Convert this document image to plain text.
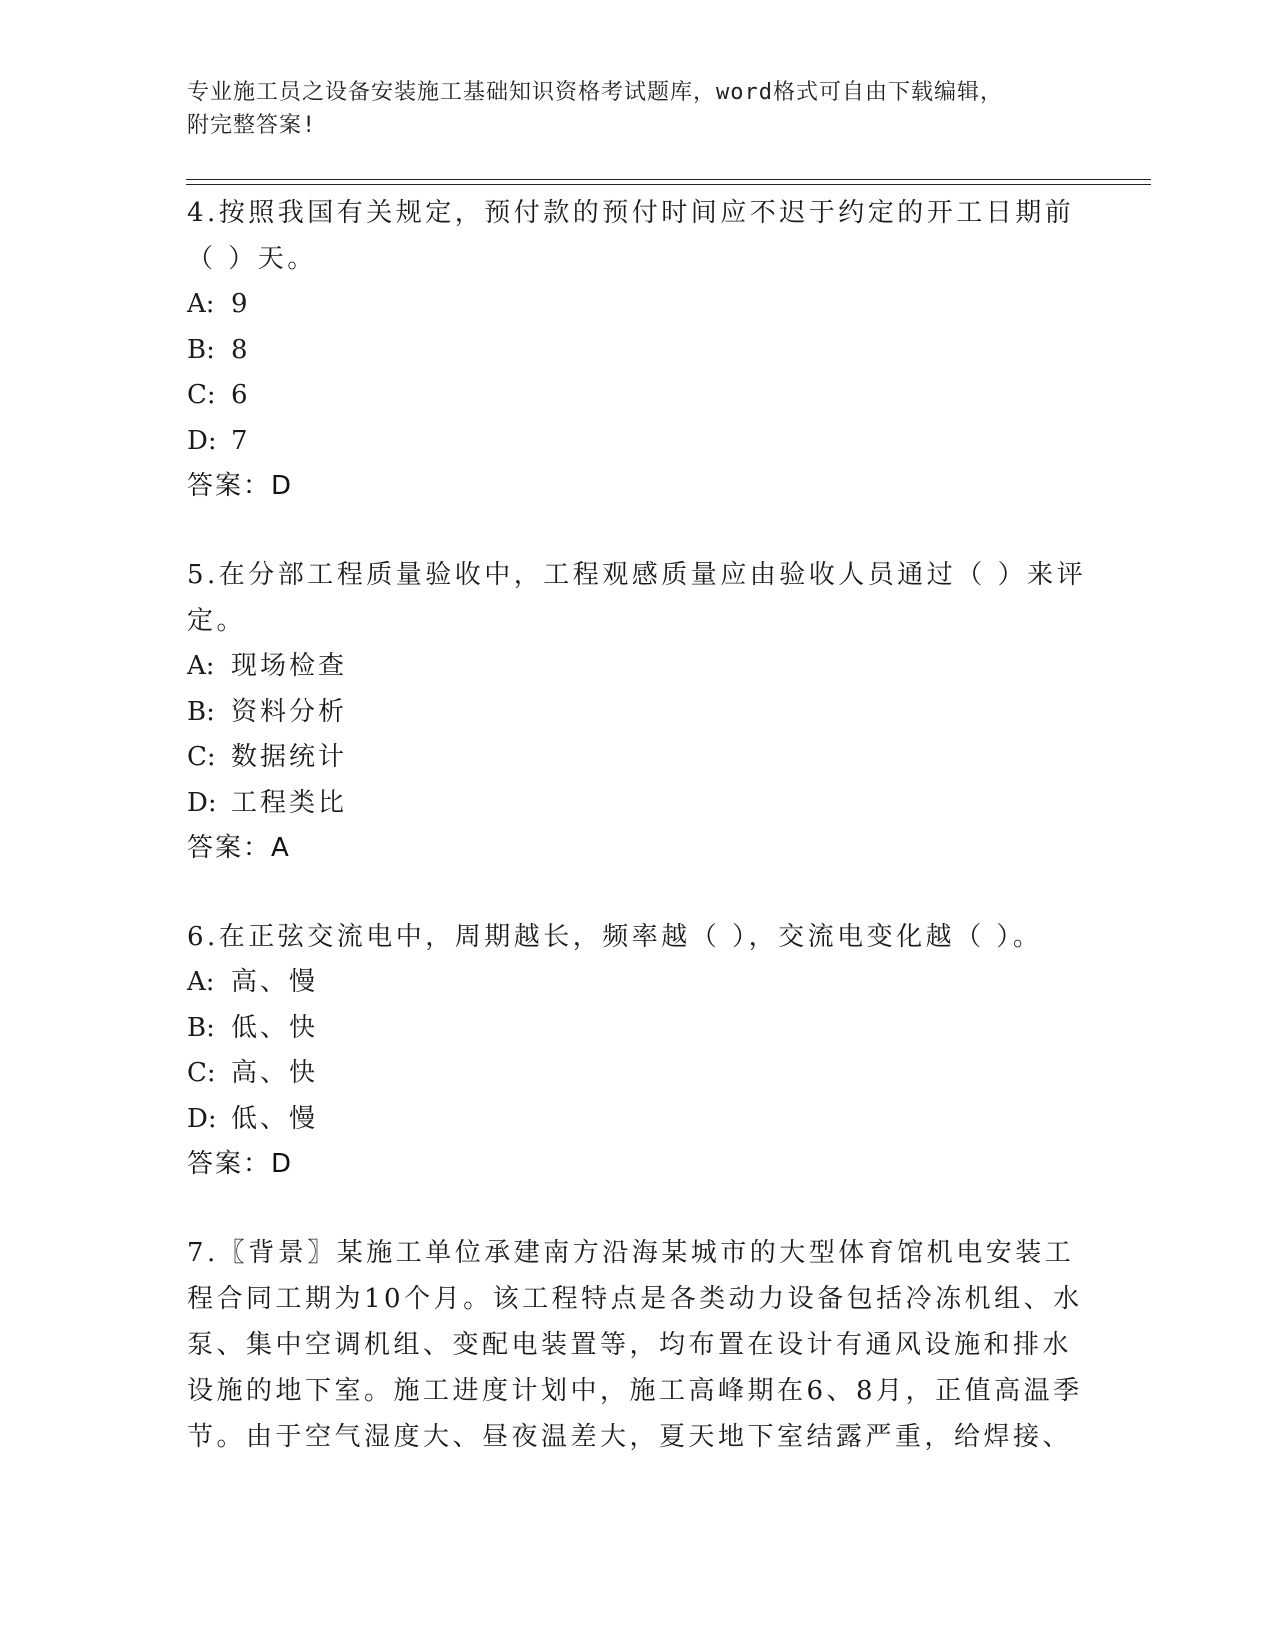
专业施工员之设备安装施工基础知识资格考试题库，word格式可自由下载编辑，
附完整答案!
4.按照我国有关规定，预付款的预付时间应不迟于约定的开工日期前（ ）天。
A: 9
B: 8
C: 6
D: 7
答案：D
5.在分部工程质量验收中，工程观感质量应由验收人员通过（ ）来评定。
A: 现场检查
B: 资料分析
C: 数据统计
D: 工程类比
答案：A
6.在正弦交流电中，周期越长，频率越（ ），交流电变化越（ ）。
A: 高、慢
B: 低、快
C: 高、快
D: 低、慢
答案：D
7.〖背景〗某施工单位承建南方沿海某城市的大型体育馆机电安装工程合同工期为10个月。该工程特点是各类动力设备包括冷冻机组、水泵、集中空调机组、变配电装置等，均布置在设计有通风设施和排水设施的地下室。施工进度计划中，施工高峰期在6、8月，正值高温季节。由于空气湿度大、昼夜温差大，夏天地下室结露严重，给焊接、
